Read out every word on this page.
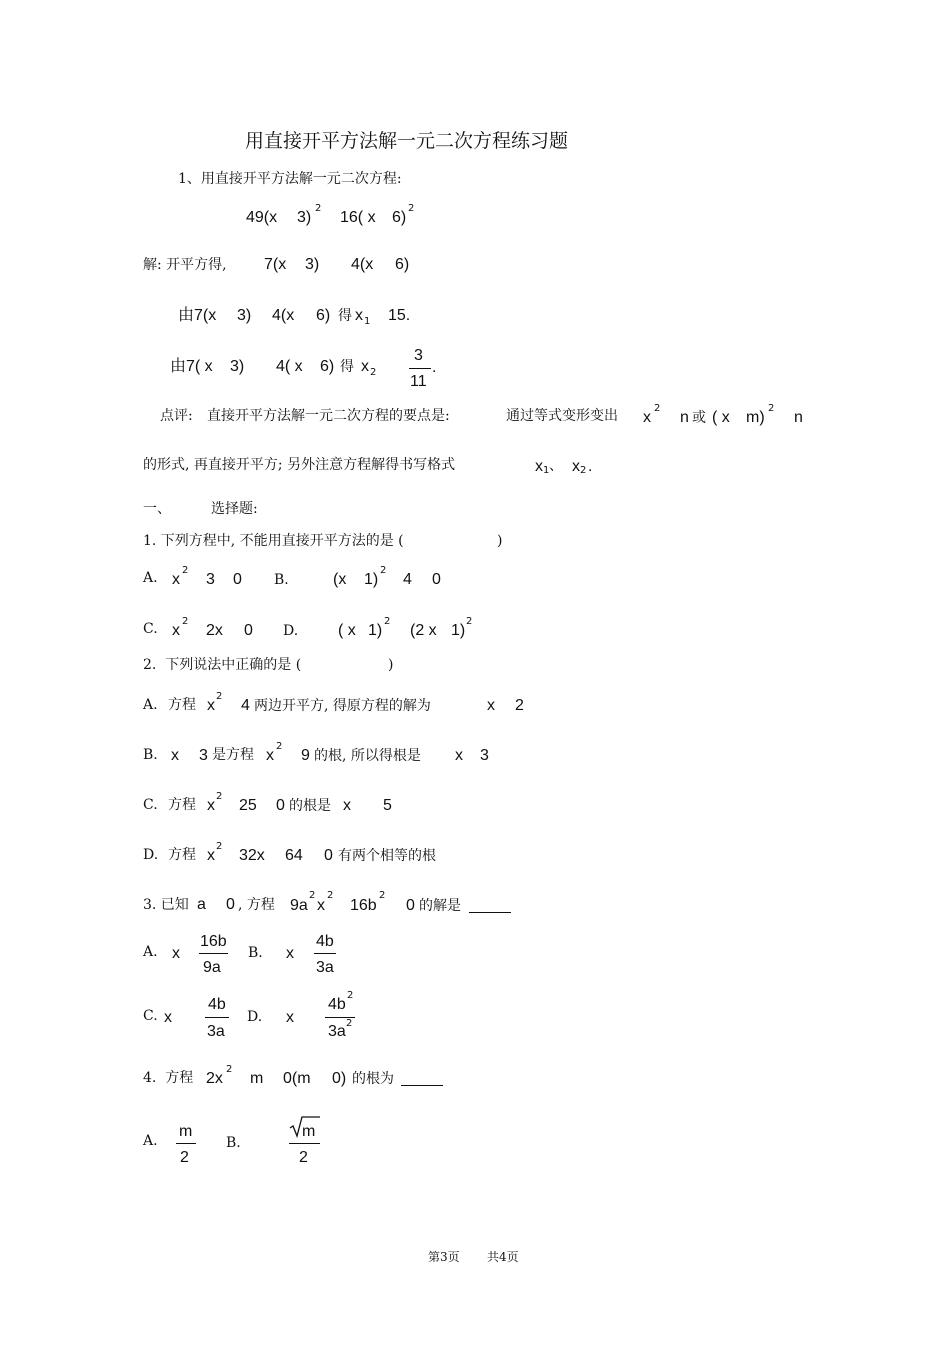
用直接开平方法解一元二次方程练习题
1、用直接开平方法解一元二次方程:
49(x 3)
2
16( x 6)
2
解: 开平方得, 7(x 3) 4(x 6)
由7(x 3) 4(x 6) 得 x 1 15.
由7( x 3) 4( x 6) 得 x 2
3
11
.
点评: 直接开平方法解一元二次方程的要点是:	通过等式变形变出 x
2
n 或 ( x m)
2
n
的形式, 再直接开平方; 另外注意方程解得书写格式	x 1 、 x 2 .
一、	选择题:
1. 下列方程中, 不能用直接开平方法的是 (	)
A. x
2
3 0 B.	(x 1)
2
4 0
C. x
2
2x 0 D. ( x 1)
2
(2 x 1)
2
2.  下列说法中正确的是 (	)
A. 方程 x
2
4 两边开平方, 得原方程的解为	x 2
B. x 3 是方程 x
2
9 的根, 所以得根是 x 3
C. 方程 x
2
25 0 的根是 x 5
D. 方程 x
2
32x 64 0 有两个相等的根
3. 已知 a 0 , 方程 9a
2
x
2
16b
2
0 的解是
A. x
16b
9a
B. x
4b
3a
C. x
4b
3a
D. x
4b
2
3a 2
4.  方程 2x
2
m 0(m 0) 的根为
A.
m
2
B.
m
2
第3页 共4页
